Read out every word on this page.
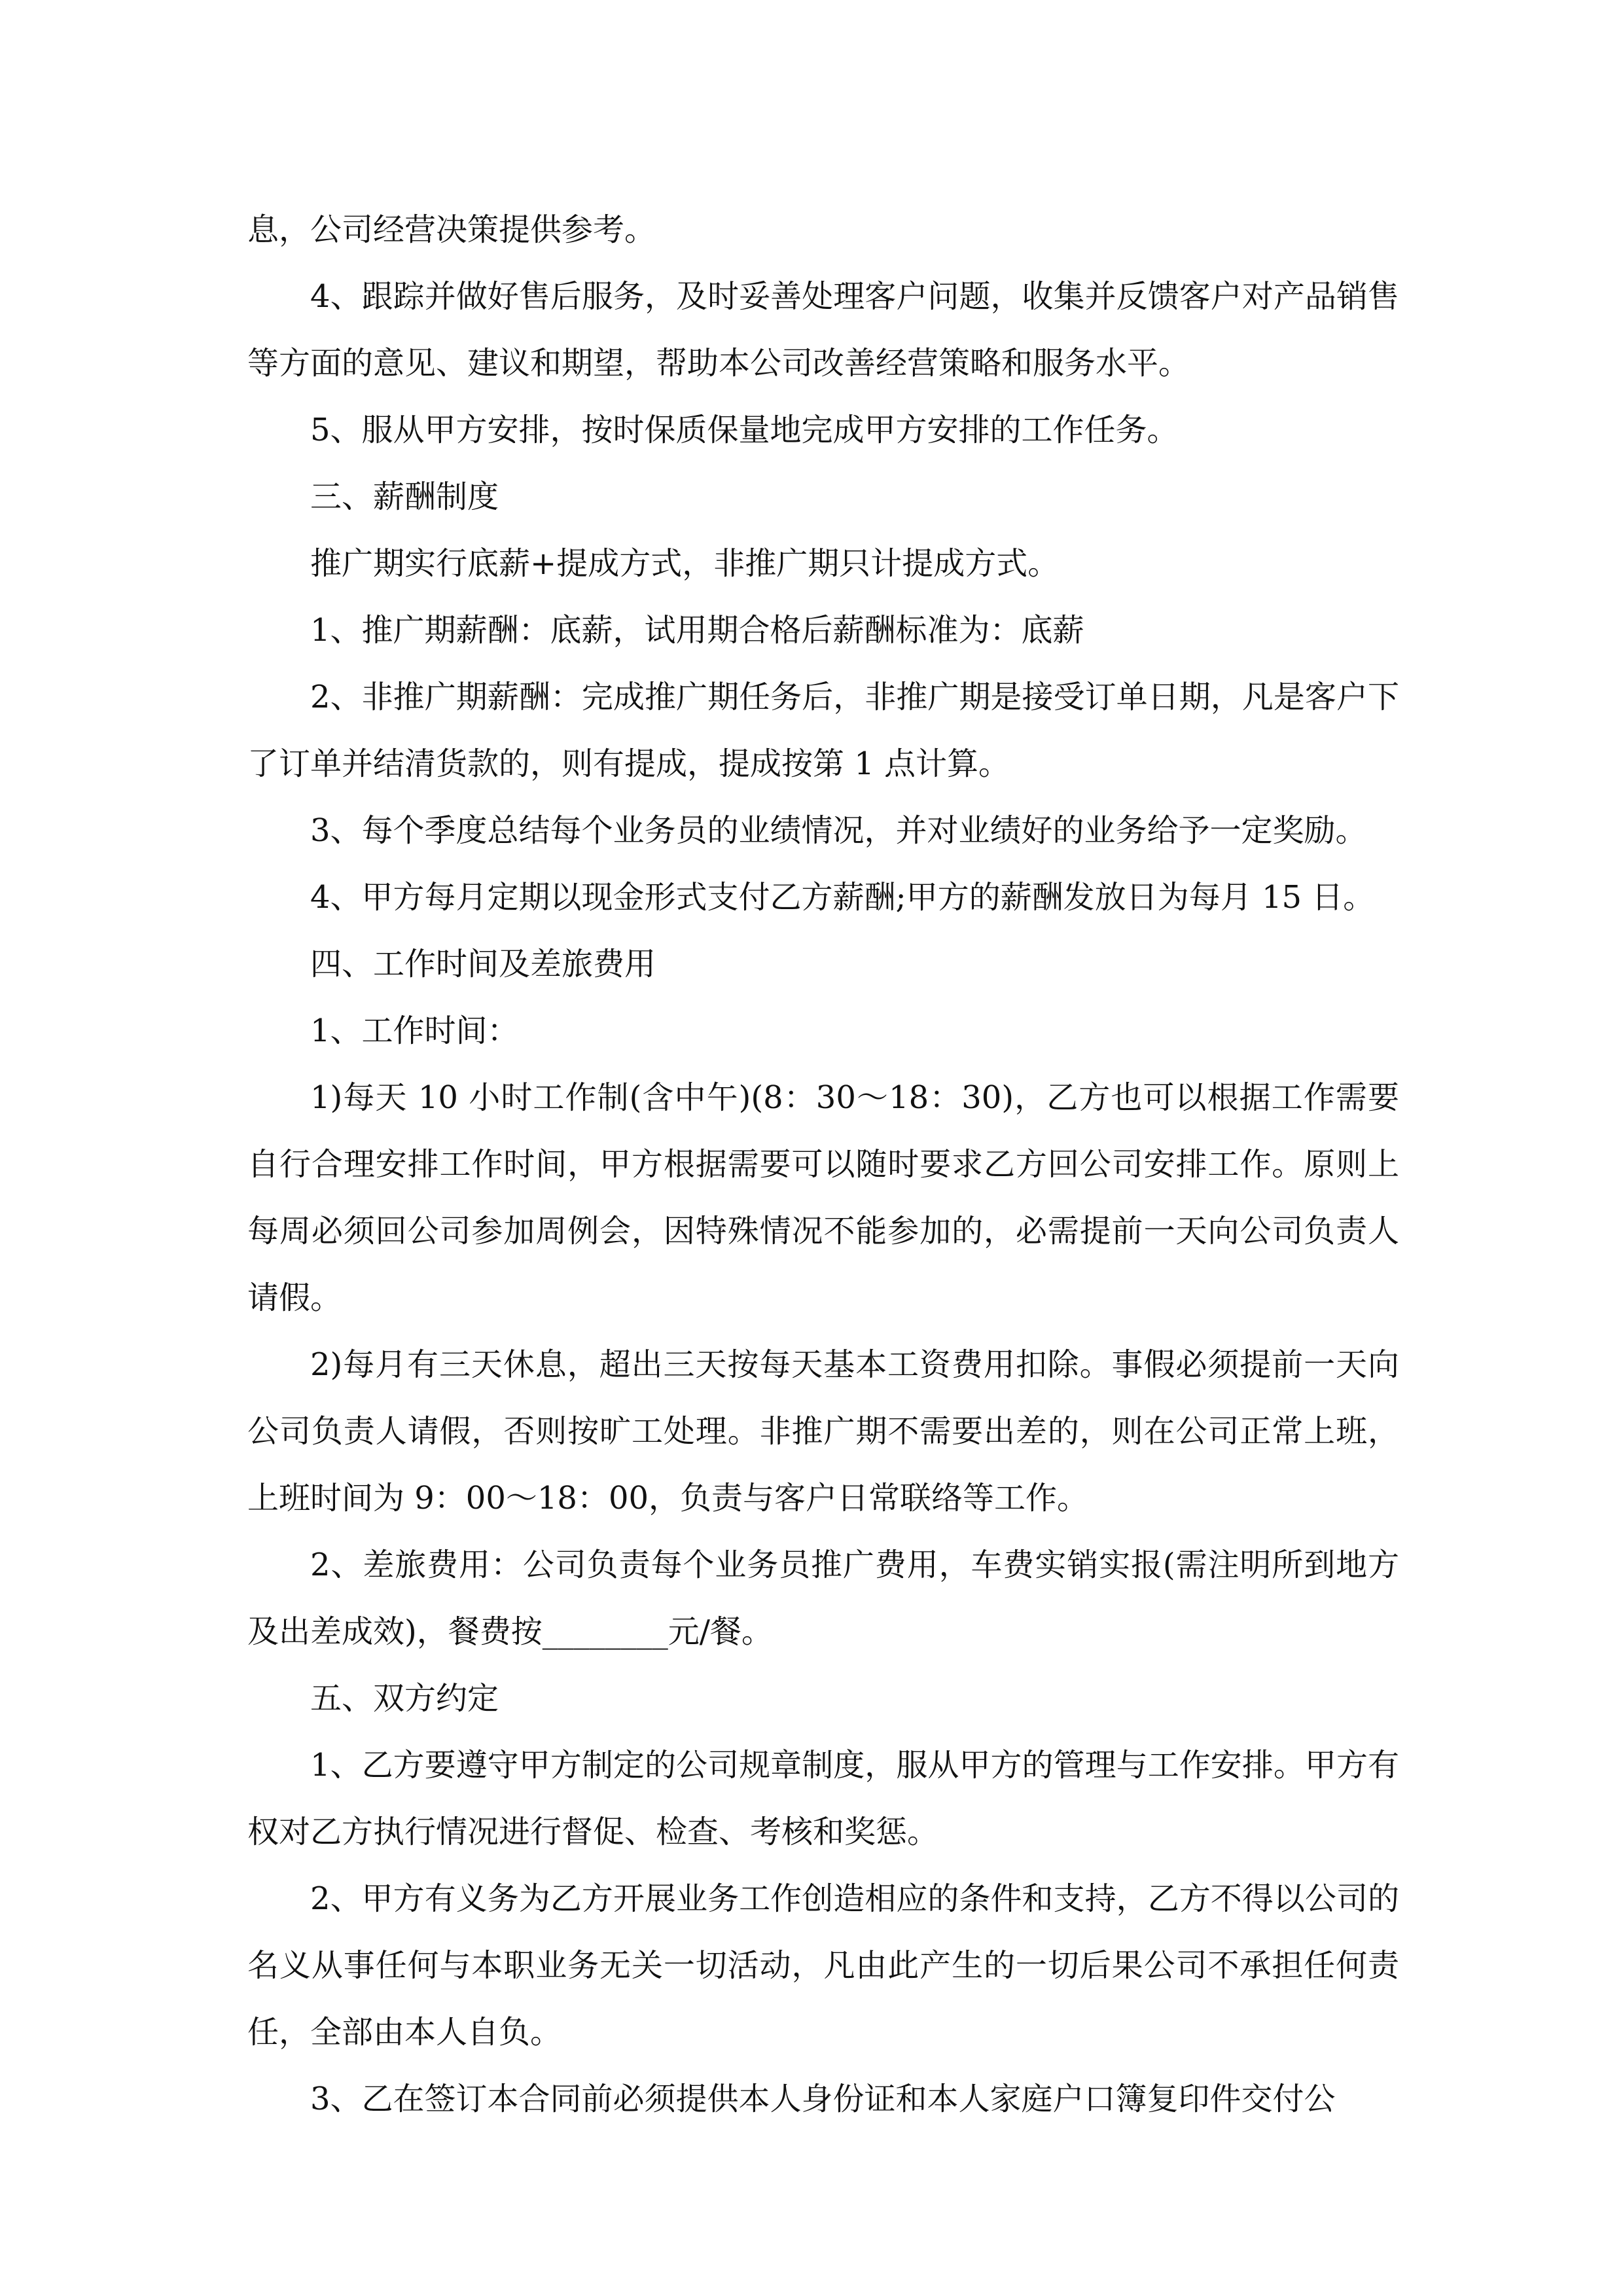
息，公司经营决策提供参考。

4、跟踪并做好售后服务，及时妥善处理客户问题，收集并反馈客户对产品销售等方面的意见、建议和期望，帮助本公司改善经营策略和服务水平。

5、服从甲方安排，按时保质保量地完成甲方安排的工作任务。

三、薪酬制度

推广期实行底薪+提成方式，非推广期只计提成方式。

1、推广期薪酬：底薪，试用期合格后薪酬标准为：底薪

2、非推广期薪酬：完成推广期任务后，非推广期是接受订单日期，凡是客户下了订单并结清货款的，则有提成，提成按第 1 点计算。

3、每个季度总结每个业务员的业绩情况，并对业绩好的业务给予一定奖励。

4、甲方每月定期以现金形式支付乙方薪酬;甲方的薪酬发放日为每月 15 日。

四、工作时间及差旅费用

1、工作时间：

1)每天 10 小时工作制(含中午)(8：30～18：30)，乙方也可以根据工作需要自行合理安排工作时间，甲方根据需要可以随时要求乙方回公司安排工作。原则上每周必须回公司参加周例会，因特殊情况不能参加的，必需提前一天向公司负责人请假。

2)每月有三天休息，超出三天按每天基本工资费用扣除。事假必须提前一天向公司负责人请假，否则按旷工处理。非推广期不需要出差的，则在公司正常上班，上班时间为 9：00～18：00，负责与客户日常联络等工作。

2、差旅费用：公司负责每个业务员推广费用，车费实销实报(需注明所到地方及出差成效)，餐费按________元/餐。

五、双方约定

1、乙方要遵守甲方制定的公司规章制度，服从甲方的管理与工作安排。甲方有权对乙方执行情况进行督促、检查、考核和奖惩。

2、甲方有义务为乙方开展业务工作创造相应的条件和支持，乙方不得以公司的名义从事任何与本职业务无关一切活动，凡由此产生的一切后果公司不承担任何责任，全部由本人自负。

3、乙在签订本合同前必须提供本人身份证和本人家庭户口簿复印件交付公
